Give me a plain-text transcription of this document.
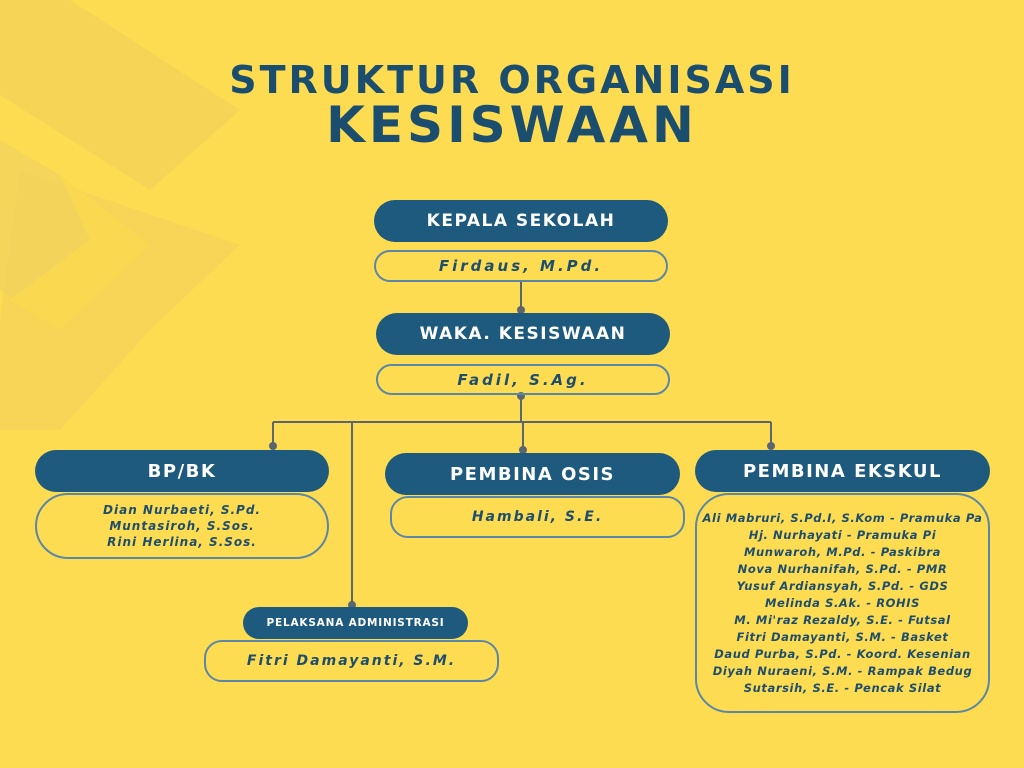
STRUKTUR ORGANISASI
KESISWAAN
KEPALA SEKOLAH
Firdaus, M.Pd.
WAKA. KESISWAAN
Fadil, S.Ag.
BP/BK
Dian Nurbaeti, S.Pd.
Muntasiroh, S.Sos.
Rini Herlina, S.Sos.
PEMBINA OSIS
Hambali, S.E.
PEMBINA EKSKUL
Ali Mabruri, S.Pd.I, S.Kom - Pramuka Pa
Hj. Nurhayati - Pramuka Pi
Munwaroh, M.Pd. - Paskibra
Nova Nurhanifah, S.Pd. - PMR
Yusuf Ardiansyah, S.Pd. - GDS
Melinda S.Ak. - ROHIS
M. Mi'raz Rezaldy, S.E. - Futsal
Fitri Damayanti, S.M. - Basket
Daud Purba, S.Pd. - Koord. Kesenian
Diyah Nuraeni, S.M. - Rampak Bedug
Sutarsih, S.E. - Pencak Silat
PELAKSANA ADMINISTRASI
Fitri Damayanti, S.M.
